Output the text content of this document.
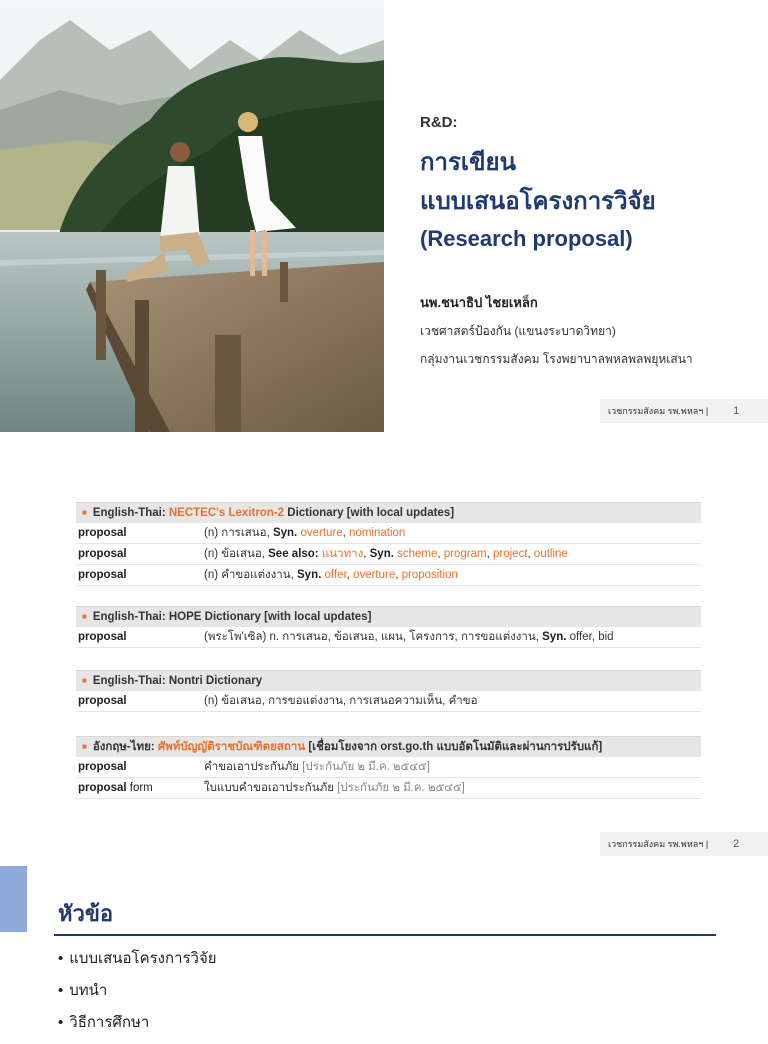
R&D:
การเขียน
แบบเสนอโครงการวิจัย
(Research proposal)
นพ.ชนาธิป ไชยเหล็ก
เวชศาสตร์ป้องกัน (แขนงระบาดวิทยา)
กลุ่มงานเวชกรรมสังคม โรงพยาบาลพหลพลพยุหเสนา
เวชกรรมสังคม รพ.พหลฯ |	1
■ English-Thai: NECTEC's Lexitron-2 Dictionary [with local updates]
proposal	(n) การเสนอ, Syn. overture, nomination
proposal	(n) ข้อเสนอ, See also: แนวทาง, Syn. scheme, program, project, outline
proposal	(n) คำขอแต่งงาน, Syn. offer, overture, proposition
■ English-Thai: HOPE Dictionary [with local updates]
proposal	(พระโพ'เซิล) n. การเสนอ, ข้อเสนอ, แผน, โครงการ, การขอแต่งงาน, Syn. offer, bid
■ English-Thai: Nontri Dictionary
proposal	(n) ข้อเสนอ, การขอแต่งงาน, การเสนอความเห็น, คำขอ
■ อังกฤษ-ไทย: ศัพท์บัญญัติราชบัณฑิตยสถาน [เชื่อมโยงจาก orst.go.th แบบอัตโนมัติและผ่านการปรับแก้]
proposal	คำขอเอาประกันภัย [ประกันภัย ๒ มี.ค. ๒๕๔๕]
proposal form	ใบแบบคำขอเอาประกันภัย [ประกันภัย ๒ มี.ค. ๒๕๔๕]
เวชกรรมสังคม รพ.พหลฯ |	2
หัวข้อ
• แบบเสนอโครงการวิจัย
• บทนำ
• วิธีการศึกษา
